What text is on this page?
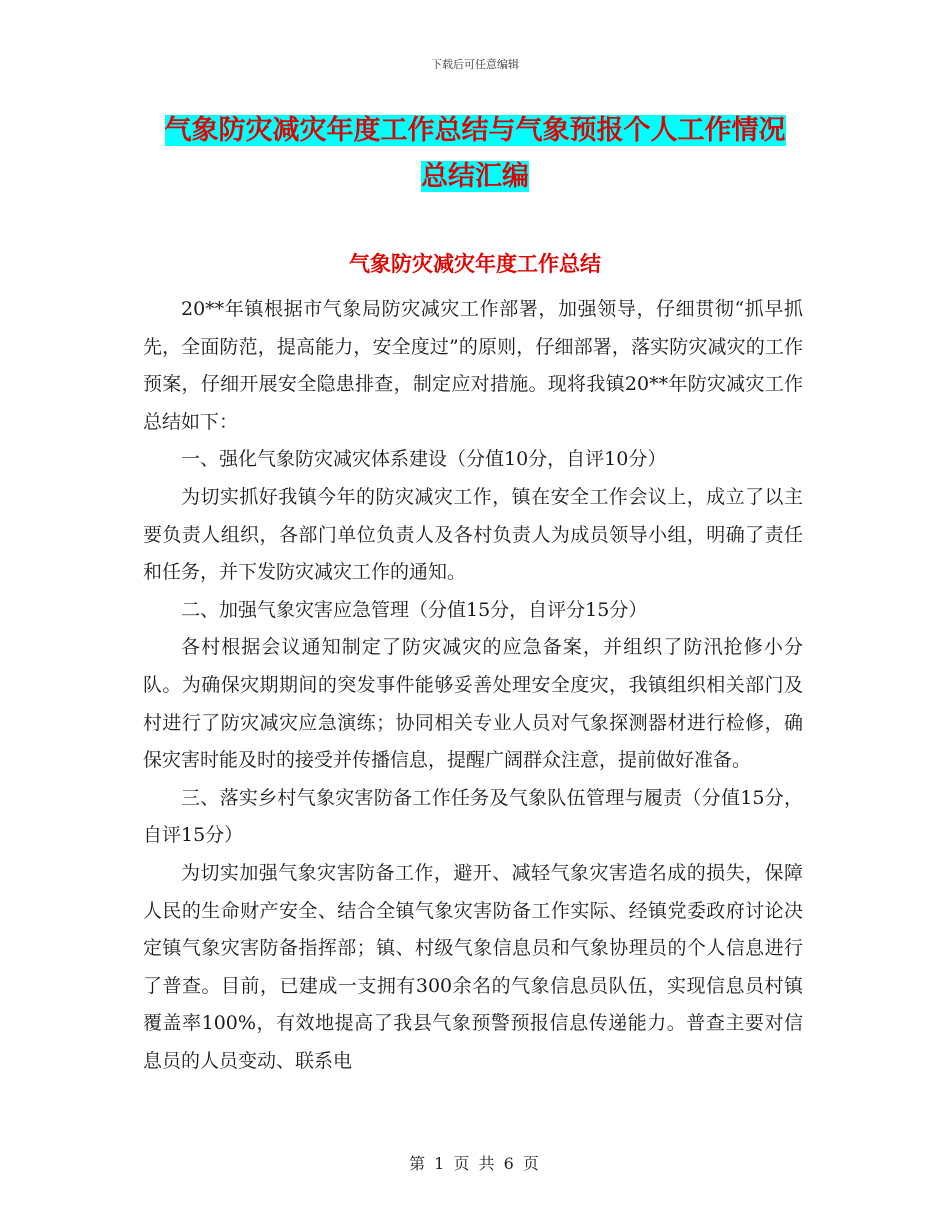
下载后可任意编辑
气象防灾减灾年度工作总结与气象预报个人工作情况
总结汇编
气象防灾减灾年度工作总结

20**年镇根据市气象局防灾减灾工作部署，加强领导，仔细贯彻“抓早抓先，全面防范，提高能力，安全度过”的原则，仔细部署，落实防灾减灾的工作预案，仔细开展安全隐患排查，制定应对措施。现将我镇20**年防灾减灾工作总结如下：

一、强化气象防灾减灾体系建设（分值10分，自评10分）

为切实抓好我镇今年的防灾减灾工作，镇在安全工作会议上，成立了以主要负责人组织，各部门单位负责人及各村负责人为成员领导小组，明确了责任和任务，并下发防灾减灾工作的通知。

二、加强气象灾害应急管理（分值15分，自评分15分）

各村根据会议通知制定了防灾减灾的应急备案，并组织了防汛抢修小分队。为确保灾期期间的突发事件能够妥善处理安全度灾，我镇组织相关部门及村进行了防灾减灾应急演练；协同相关专业人员对气象探测器材进行检修，确保灾害时能及时的接受并传播信息，提醒广阔群众注意，提前做好准备。

三、落实乡村气象灾害防备工作任务及气象队伍管理与履责（分值15分，自评15分）

为切实加强气象灾害防备工作，避开、减轻气象灾害造名成的损失，保障人民的生命财产安全、结合全镇气象灾害防备工作实际、经镇党委政府讨论决定镇气象灾害防备指挥部；镇、村级气象信息员和气象协理员的个人信息进行了普查。目前，已建成一支拥有300余名的气象信息员队伍，实现信息员村镇覆盖率100%，有效地提高了我县气象预警预报信息传递能力。普查主要对信息员的人员变动、联系电

第 1 页 共 6 页
